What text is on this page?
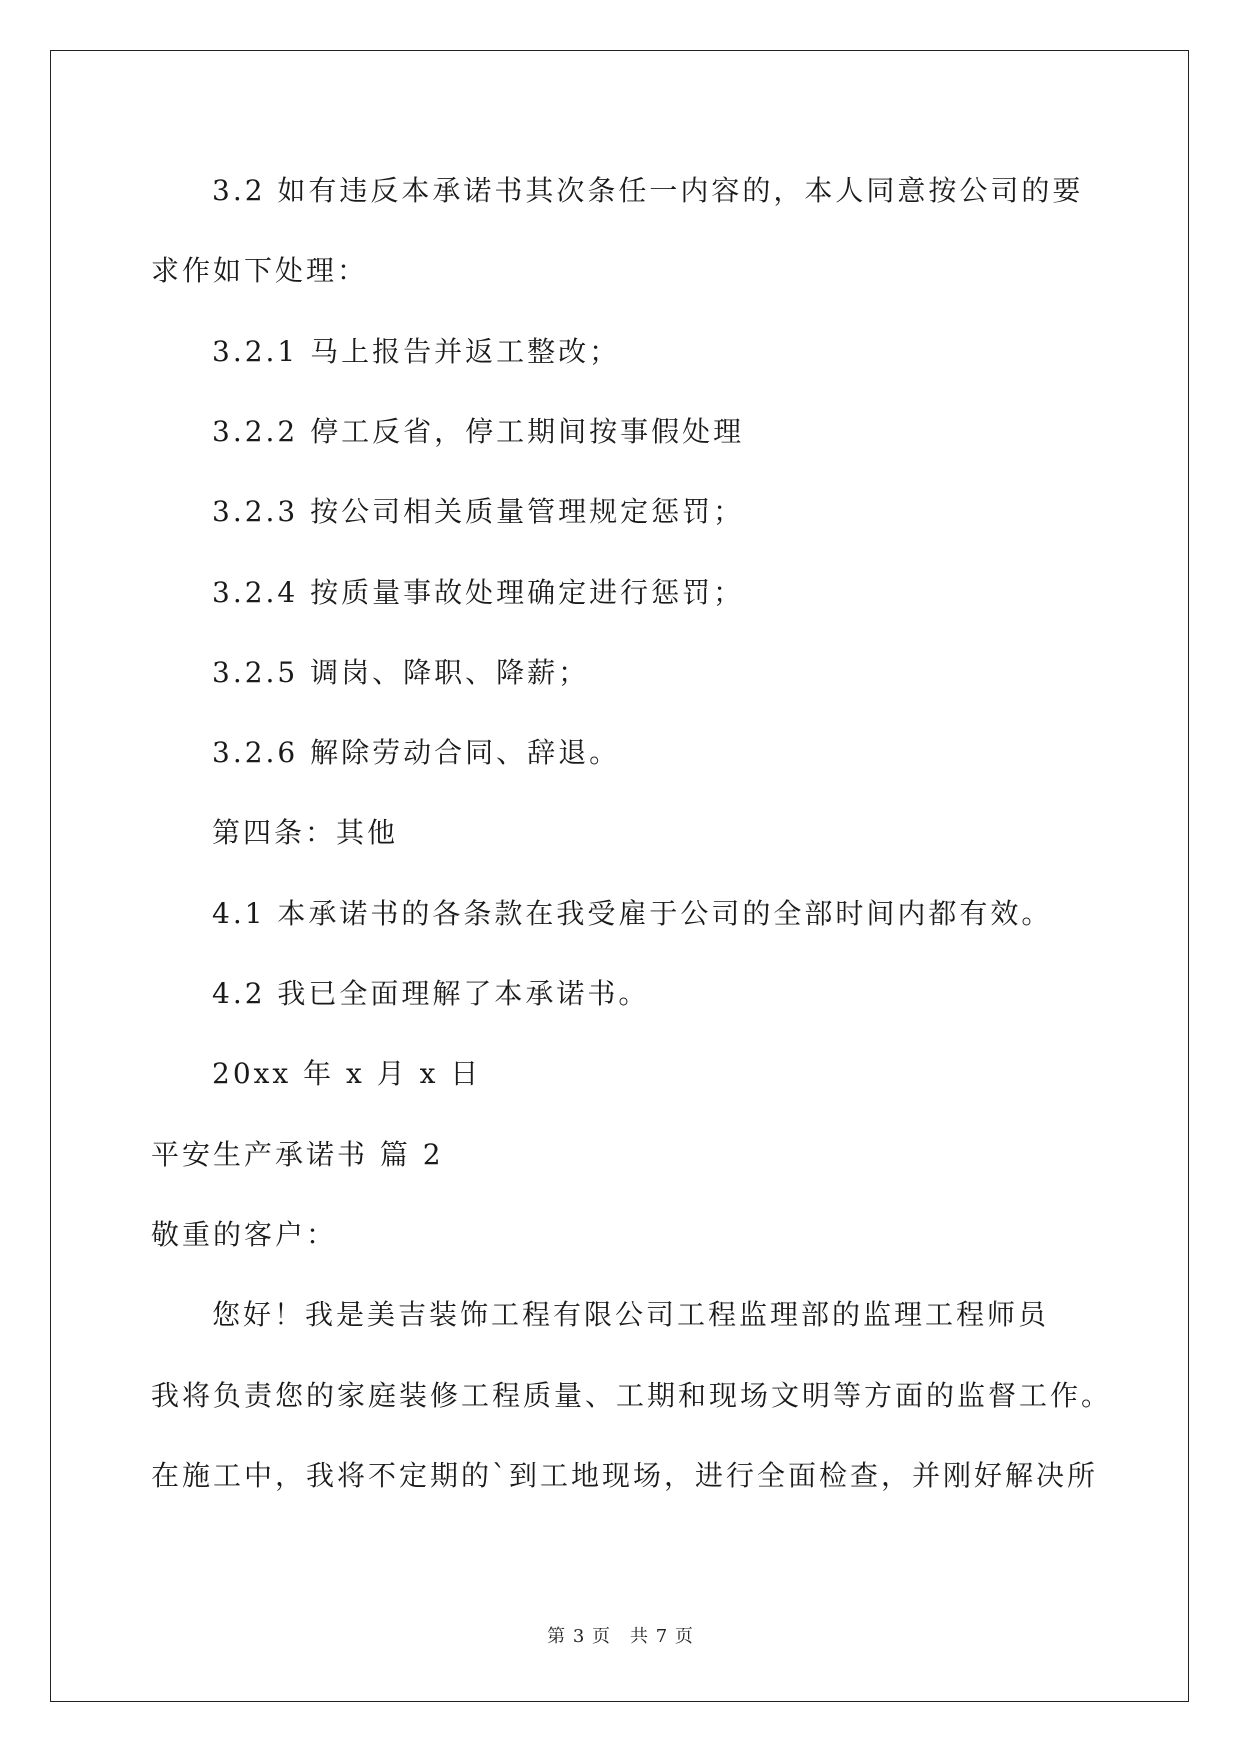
3.2 如有违反本承诺书其次条任一内容的，本人同意按公司的要
求作如下处理：
3.2.1 马上报告并返工整改；
3.2.2 停工反省，停工期间按事假处理
3.2.3 按公司相关质量管理规定惩罚；
3.2.4 按质量事故处理确定进行惩罚；
3.2.5 调岗、降职、降薪；
3.2.6 解除劳动合同、辞退。
第四条：其他
4.1 本承诺书的各条款在我受雇于公司的全部时间内都有效。
4.2 我已全面理解了本承诺书。
20xx 年 x 月 x 日
平安生产承诺书 篇 2
敬重的客户：
您好！我是美吉装饰工程有限公司工程监理部的监理工程师员
我将负责您的家庭装修工程质量、工期和现场文明等方面的监督工作。
在施工中，我将不定期的`到工地现场，进行全面检查，并刚好解决所
第 3 页　共 7 页
